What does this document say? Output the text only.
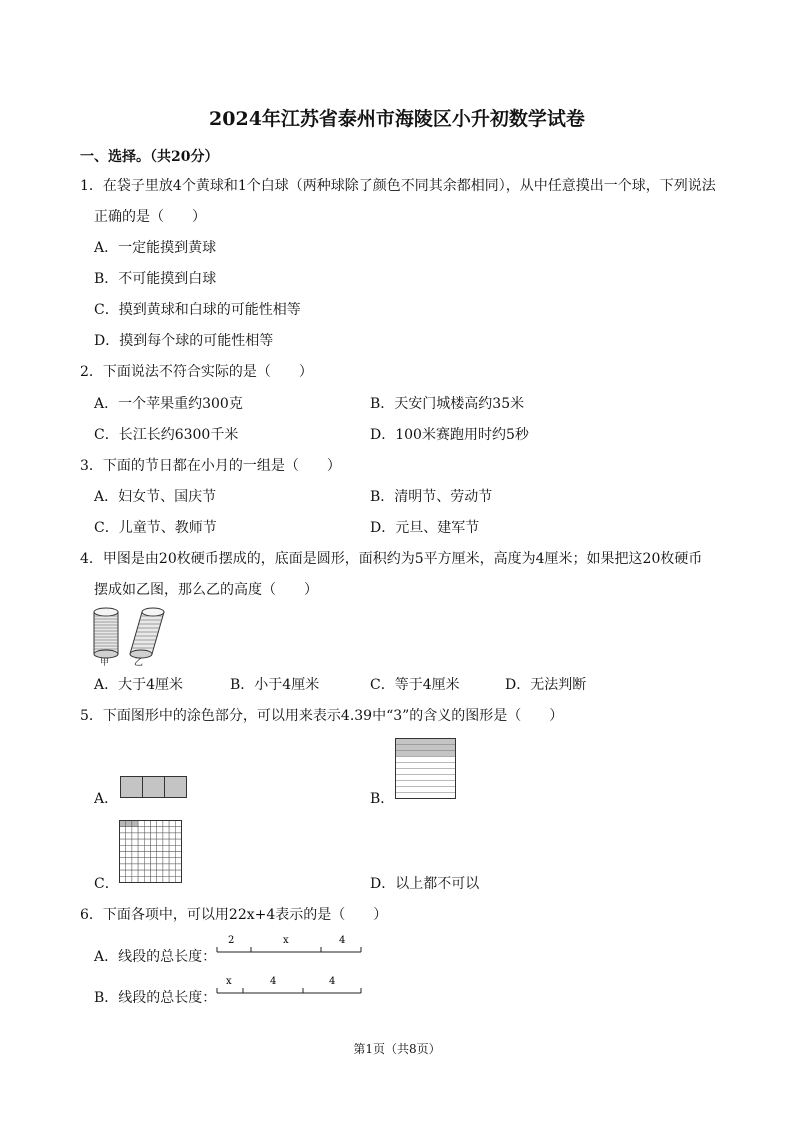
2024年江苏省泰州市海陵区小升初数学试卷
一、选择。（共20分）
1．在袋子里放4个黄球和1个白球（两种球除了颜色不同其余都相同），从中任意摸出一个球，下列说法
正确的是（　　）
A．一定能摸到黄球
B．不可能摸到白球
C．摸到黄球和白球的可能性相等
D．摸到每个球的可能性相等
2．下面说法不符合实际的是（　　）
A．一个苹果重约300克	B．天安门城楼高约35米
C．长江长约6300千米	D．100米赛跑用时约5秒
3．下面的节日都在小月的一组是（　　）
A．妇女节、国庆节	B．清明节、劳动节
C．儿童节、教师节	D．元旦、建军节
4．甲图是由20枚硬币摆成的，底面是圆形，面积约为5平方厘米，高度为4厘米；如果把这20枚硬币
摆成如乙图，那么乙的高度（　　）
甲	乙
A．大于4厘米	B．小于4厘米	C．等于4厘米	D．无法判断
5．下面图形中的涂色部分，可以用来表示4.39中“3”的含义的图形是（　　）
A．	B．
C．	D．以上都不可以
6．下面各项中，可以用22x+4表示的是（　　）
A．线段的总长度：
2	x	4
B．线段的总长度：
x	4	4
第1页（共8页）
